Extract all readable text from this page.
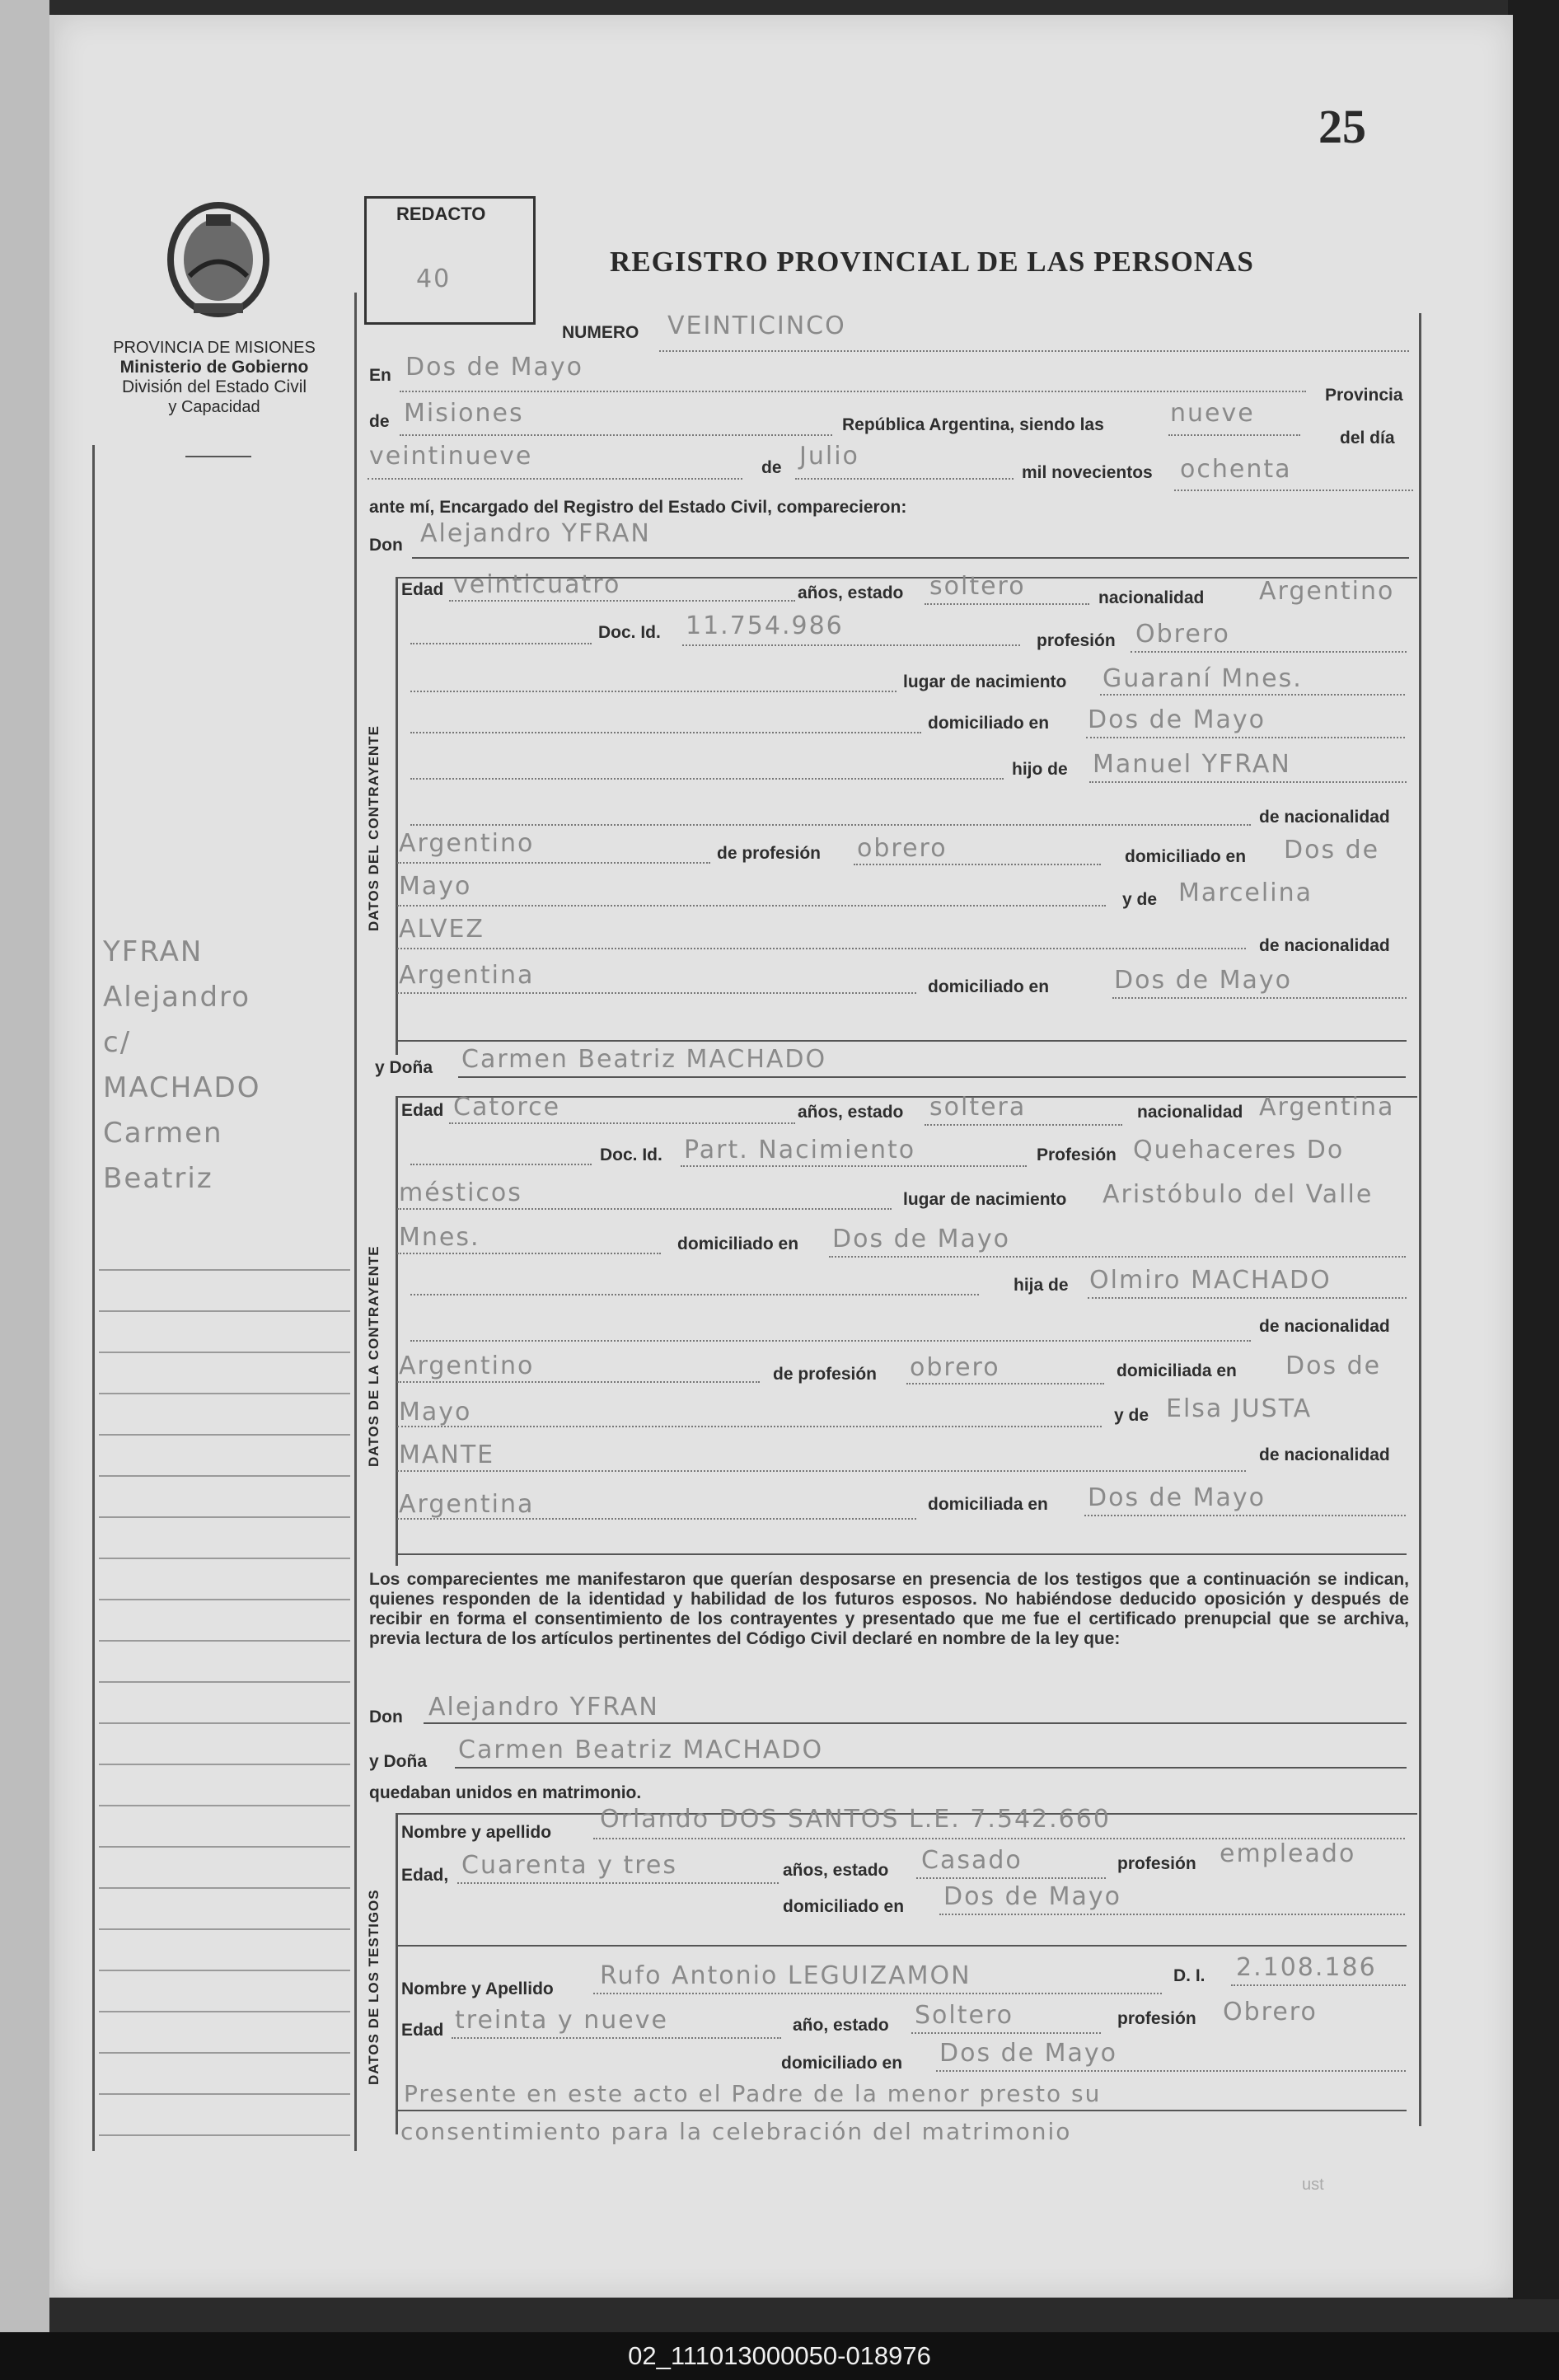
25
PROVINCIA DE MISIONES
Ministerio de Gobierno
División del Estado Civil
y Capacidad
YFRAN
Alejandro
c/
MACHADO
Carmen
Beatriz
REDACTO
40
REGISTRO PROVINCIAL DE LAS PERSONAS
NUMERO VEINTICINCO
En Dos de Mayo
Provincia
de Misiones	República Argentina, siendo las	nueve
del día
veintinueve	de Julio
mil novecientos ochenta
ante mí, Encargado del Registro del Estado Civil, comparecieron:
Don Alejandro YFRAN
DATOS DEL CONTRAYENTE
Edad veinticuatro	años, estado soltero	nacionalidad Argentino
Doc. Id. 11.754.986
profesión Obrero
lugar de nacimiento Guaraní Mnes.
domiciliado en Dos de Mayo
hijo de Manuel YFRAN
de nacionalidad
Argentino	de profesión obrero	domiciliado en Dos de
Mayo	y de Marcelina
ALVEZ
de nacionalidad
Argentina	domiciliado en	Dos de Mayo
y Doña Carmen Beatriz MACHADO
DATOS DE LA CONTRAYENTE
Edad Catorce	años, estado soltera	nacionalidad Argentina
Doc. Id. Part. Nacimiento	Profesión Quehaceres Do
mésticos	lugar de nacimiento Aristóbulo del Valle
Mnes.	domiciliado en Dos de Mayo
hija de Olmiro MACHADO
de nacionalidad
Argentino	de profesión obrero	domiciliada en Dos de
Mayo	y de Elsa JUSTA
MANTE	de nacionalidad
Argentina	domiciliada en Dos de Mayo
Los comparecientes me manifestaron que querían desposarse en presencia de los testigos que a continuación se indican, quienes responden de la identidad y habilidad de los futuros esposos. No habiéndose deducido oposición y después de recibir en forma el consentimiento de los contrayentes y presentado que me fue el certificado prenupcial que se archiva, previa lectura de los artículos pertinentes del Código Civil declaré en nombre de la ley que:
Don Alejandro YFRAN
y Doña Carmen Beatriz MACHADO
quedaban unidos en matrimonio.
DATOS DE LOS TESTIGOS
Nombre y apellido Orlando DOS SANTOS L.E. 7.542.660
Edad, Cuarenta y tres	años, estado Casado	profesión empleado
domiciliado en Dos de Mayo
Nombre y Apellido Rufo Antonio LEGUIZAMON	D. I. 2.108.186
Edad treinta y nueve	año, estado Soltero	profesión Obrero
domiciliado en Dos de Mayo
Presente en este acto el Padre de la menor presto su
consentimiento para la celebración del matrimonio
ust
02_111013000050-018976
